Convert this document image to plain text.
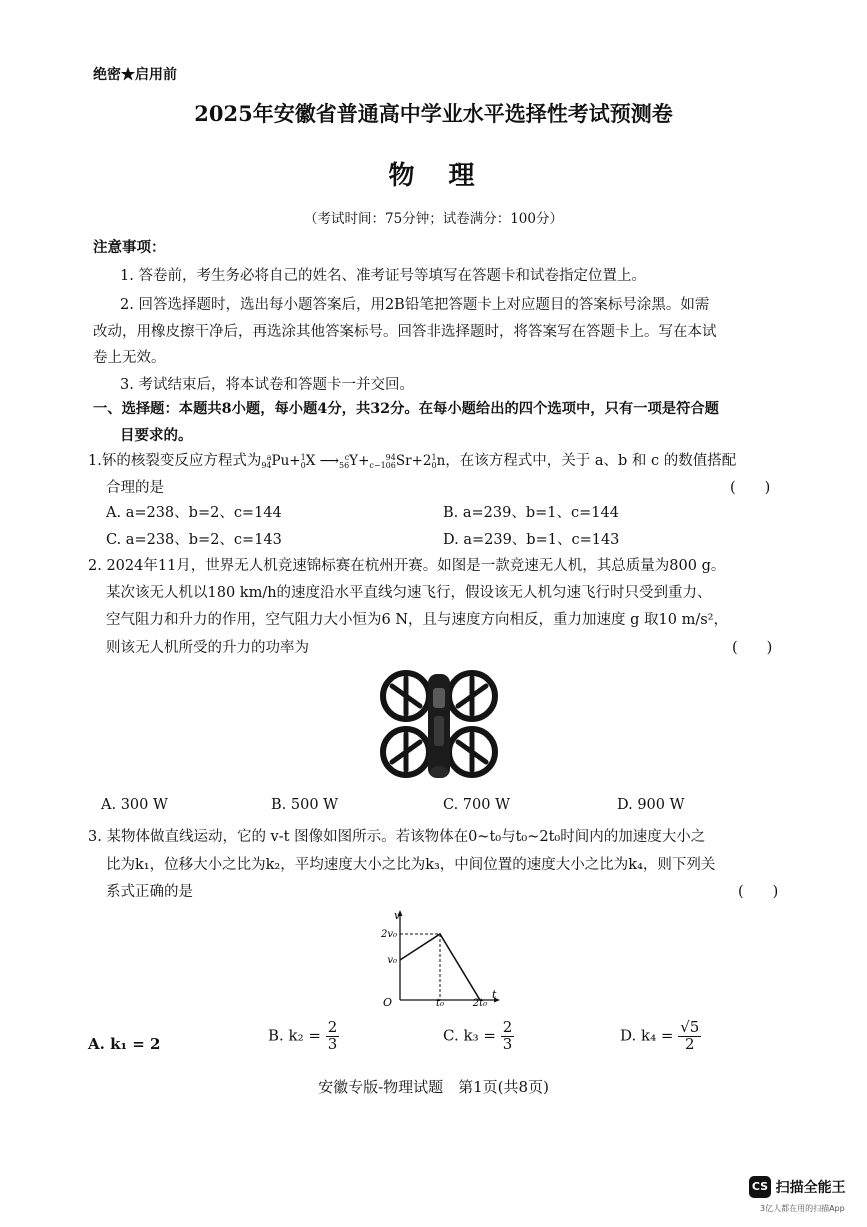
绝密★启用前
2025年安徽省普通高中学业水平选择性考试预测卷
物　理
（考试时间：75分钟；试卷满分：100分）
注意事项：
1. 答卷前，考生务必将自己的姓名、准考证号等填写在答题卡和试卷指定位置上。
2. 回答选择题时，选出每小题答案后，用2B铅笔把答题卡上对应题目的答案标号涂黑。如需
改动，用橡皮擦干净后，再选涂其他答案标号。回答非选择题时，将答案写在答题卡上。写在本试
卷上无效。
3. 考试结束后，将本试卷和答题卡一并交回。
一、选择题：本题共8小题，每小题4分，共32分。在每小题给出的四个选项中，只有一项是符合题
目要求的。
1.钚的核裂变反应方程式为 a
94 Pu+ 1
0 X ⟶ c
56 Y+	94
c−106 Sr+2 1
0 n，在该方程式中，关于 a、b 和 c 的数值搭配
合理的是	(　　)
A. a=238、b=2、c=144	B. a=239、b=1、c=144
C. a=238、b=2、c=143	D. a=239、b=1、c=143
2. 2024年11月，世界无人机竞速锦标赛在杭州开赛。如图是一款竞速无人机，其总质量为800 g。
某次该无人机以180 km/h的速度沿水平直线匀速飞行，假设该无人机匀速飞行时只受到重力、
空气阻力和升力的作用，空气阻力大小恒为6 N，且与速度方向相反，重力加速度 g 取10 m/s²，
则该无人机所受的升力的功率为	(　　)
A. 300 W	B. 500 W	C. 700 W	D. 900 W
3. 某物体做直线运动，它的 v-t 图像如图所示。若该物体在0~t₀与t₀~2t₀时间内的加速度大小之
比为k₁，位移大小之比为k₂，平均速度大小之比为k₃，中间位置的速度大小之比为k₄，则下列关
系式正确的是	(　　)
v
t
O
2v₀
v₀
t₀	2t₀
A. k₁ = 2	B. $k_2 = \frac{2}{3}$	C. $k_3 = \frac{2}{3}$	D. $k_4 = \frac{√5}{2}$
安徽专版-物理试题　第1页(共8页)
CS 扫描全能王
3亿人都在用的扫描App
